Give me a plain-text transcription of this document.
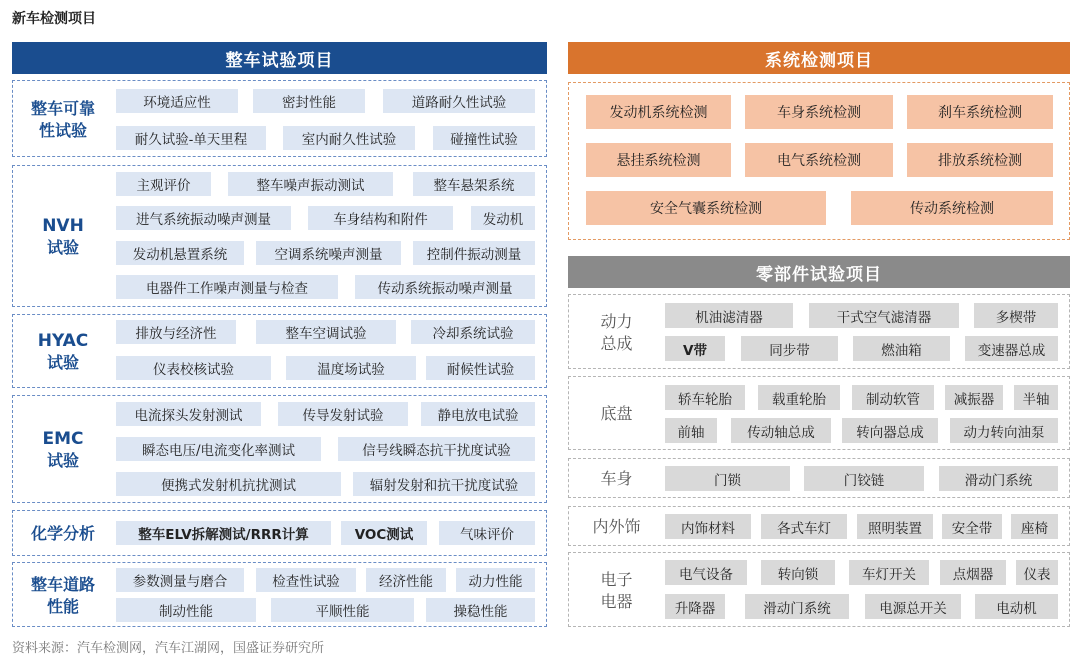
新车检测项目
整车试验项目
整车可靠
性试验
环境适应性	密封性能	道路耐久性试验
耐久试验-单天里程	室内耐久性试验	碰撞性试验
NVH
试验
主观评价	整车噪声振动测试	整车悬架系统
进气系统振动噪声测量	车身结构和附件	发动机
发动机悬置系统	空调系统噪声测量	控制件振动测量
电器件工作噪声测量与检查	传动系统振动噪声测量
HYAC
试验
排放与经济性	整车空调试验	冷却系统试验
仪表校核试验	温度场试验	耐候性试验
EMC
试验
电流探头发射测试	传导发射试验	静电放电试验
瞬态电压/电流变化率测试	信号线瞬态抗干扰度试验
便携式发射机抗扰测试	辐射发射和抗干扰度试验
化学分析	整车ELV拆解测试/RRR计算	VOC测试	气味评价
整车道路
性能
参数测量与磨合	检查性试验	经济性能	动力性能
制动性能	平顺性能	操稳性能
系统检测项目
发动机系统检测	车身系统检测	刹车系统检测
悬挂系统检测	电气系统检测	排放系统检测
安全气囊系统检测	传动系统检测
零部件试验项目
动力
总成
机油滤清器	干式空气滤清器	多楔带
V带	同步带	燃油箱	变速器总成
底盘
轿车轮胎	载重轮胎	制动软管	减振器	半轴
前轴	传动轴总成	转向器总成	动力转向油泵
车身	门锁	门铰链	滑动门系统
内外饰	内饰材料	各式车灯	照明装置	安全带	座椅
电子
电器
电气设备	转向锁	车灯开关	点烟器	仪表
升降器	滑动门系统	电源总开关	电动机
资料来源：汽车检测网，汽车江湖网，国盛证券研究所
